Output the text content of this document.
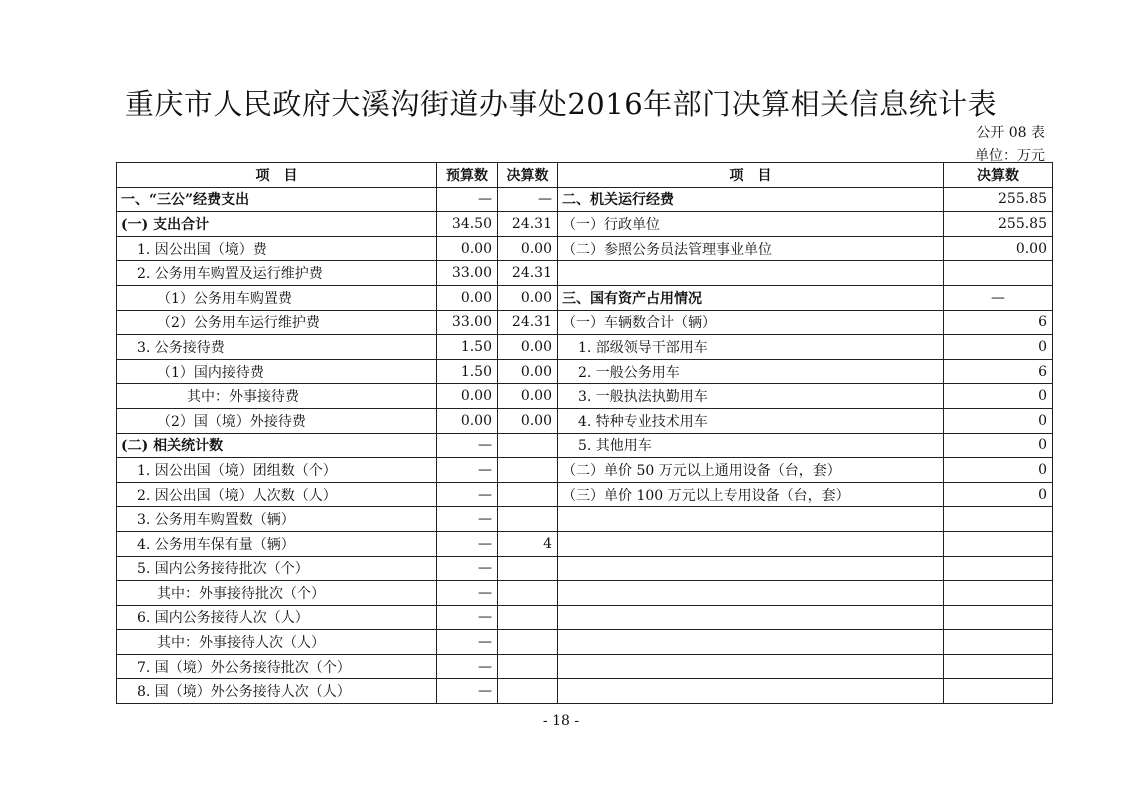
重庆市人民政府大溪沟街道办事处2016年部门决算相关信息统计表
公开 08 表
单位：万元
项　目	预算数	决算数	项　目	决算数
一、“三公”经费支出	—	—	二、机关运行经费	255.85
(一) 支出合计	34.50	24.31	（一）行政单位	255.85
1. 因公出国（境）费	0.00	0.00	（二）参照公务员法管理事业单位	0.00
2. 公务用车购置及运行维护费	33.00	24.31		
（1）公务用车购置费	0.00	0.00	三、国有资产占用情况	—
（2）公务用车运行维护费	33.00	24.31	（一）车辆数合计（辆）	6
3. 公务接待费	1.50	0.00	1. 部级领导干部用车	0
（1）国内接待费	1.50	0.00	2. 一般公务用车	6
其中：外事接待费	0.00	0.00	3. 一般执法执勤用车	0
（2）国（境）外接待费	0.00	0.00	4. 特种专业技术用车	0
(二) 相关统计数	—		5. 其他用车	0
1. 因公出国（境）团组数（个）	—		（二）单价 50 万元以上通用设备（台，套）	0
2. 因公出国（境）人次数（人）	—		（三）单价 100 万元以上专用设备（台，套）	0
3. 公务用车购置数（辆）	—			
4. 公务用车保有量（辆）	—	4		
5. 国内公务接待批次（个）	—			
其中：外事接待批次（个）	—			
6. 国内公务接待人次（人）	—			
其中：外事接待人次（人）	—			
7. 国（境）外公务接待批次（个）	—			
8. 国（境）外公务接待人次（人）	—			
- 18 -
